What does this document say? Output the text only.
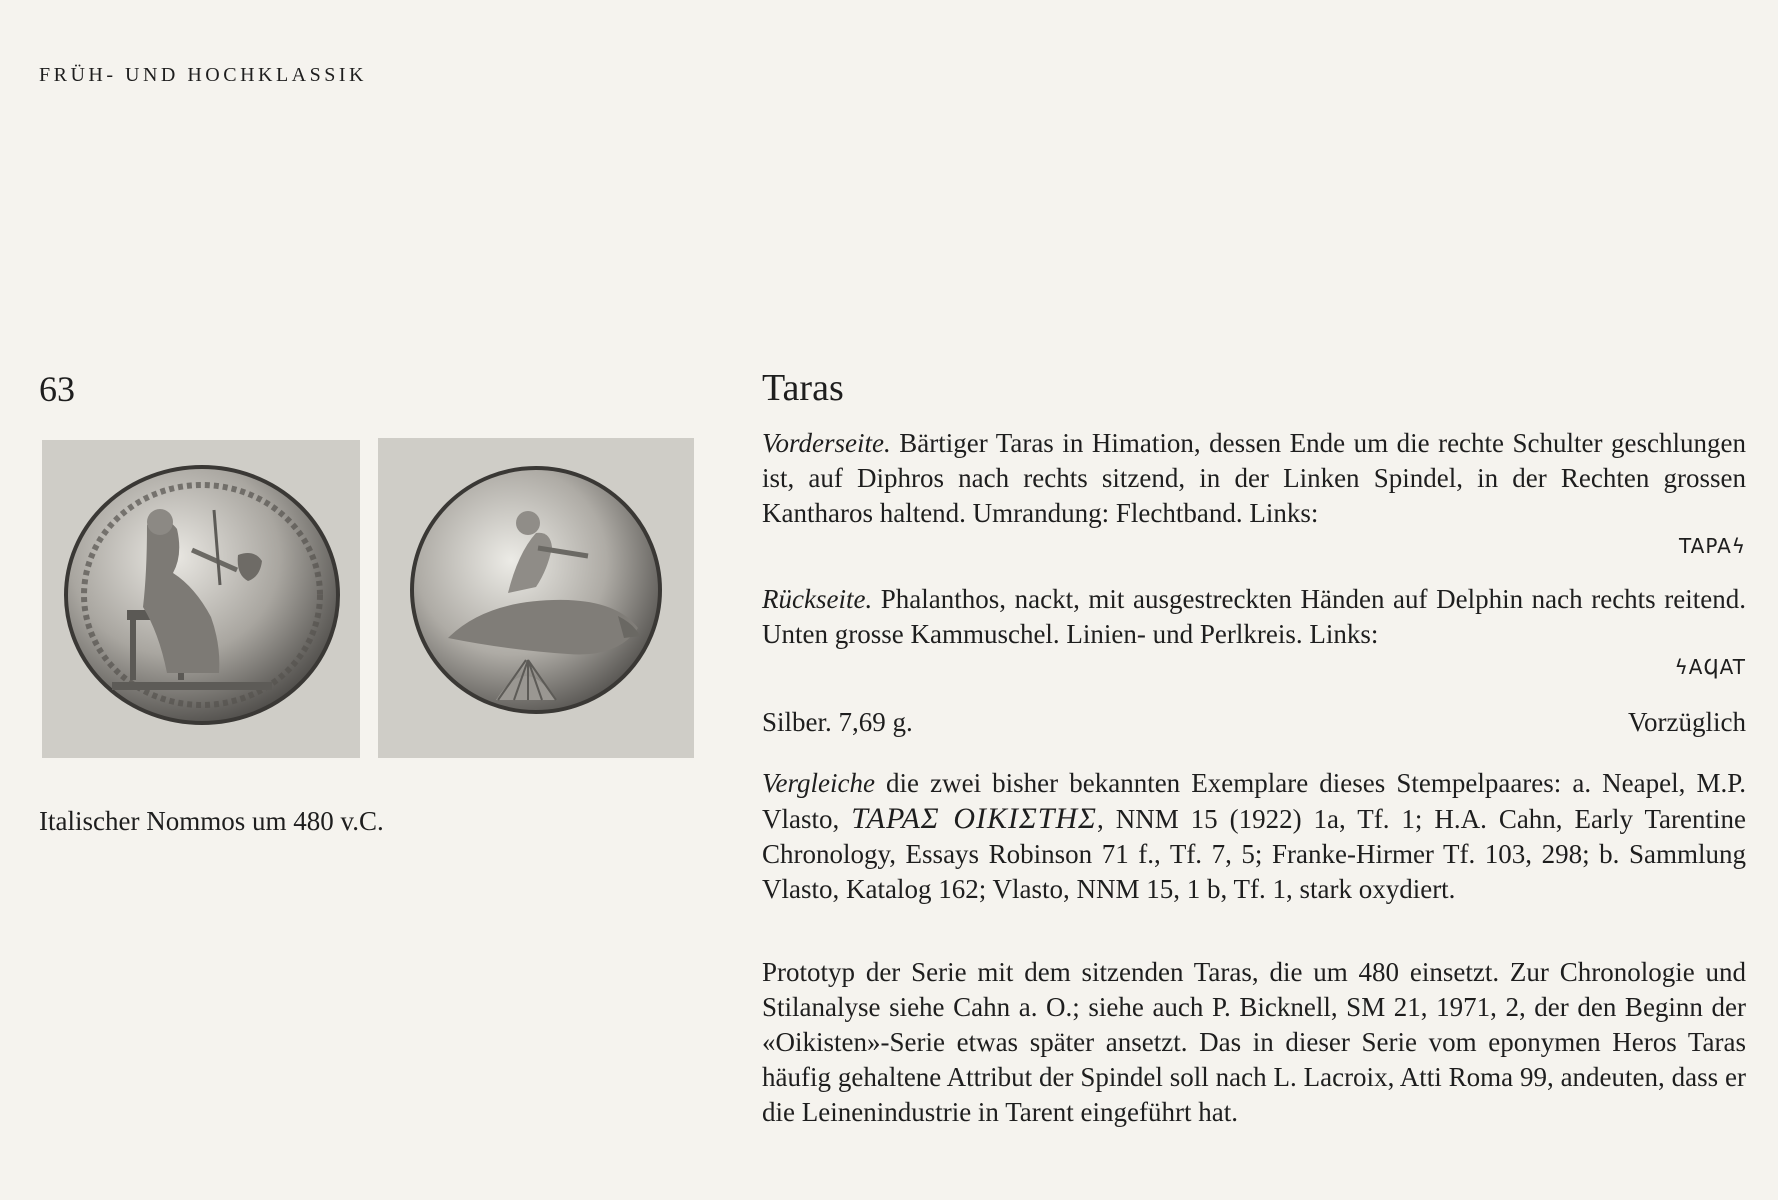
FRÜH- UND HOCHKLASSIK
63
Italischer Nommos um 480 v.C.
Taras
Vorderseite. Bärtiger Taras in Himation, dessen Ende um die rechte Schulter geschlungen ist, auf Diphros nach rechts sitzend, in der Linken Spindel, in der Rechten grossen Kantharos haltend. Umrandung: Flechtband. Links:
TAPAϟ
Rückseite. Phalanthos, nackt, mit ausgestreckten Händen auf Delphin nach rechts reitend. Unten grosse Kammuschel. Linien- und Perlkreis. Links:
ϟAϤAT
Silber. 7,69 g.	Vorzüglich
Vergleiche die zwei bisher bekannten Exemplare dieses Stempelpaares: a. Neapel, M.P. Vlasto, ΤΑΡΑΣ ΟΙΚΙΣΤΗΣ, NNM 15 (1922) 1a, Tf. 1; H.A. Cahn, Early Tarentine Chronology, Essays Robinson 71 f., Tf. 7, 5; Franke-Hirmer Tf. 103, 298; b. Sammlung Vlasto, Katalog 162; Vlasto, NNM 15, 1 b, Tf. 1, stark oxydiert.
Prototyp der Serie mit dem sitzenden Taras, die um 480 einsetzt. Zur Chronologie und Stilanalyse siehe Cahn a. O.; siehe auch P. Bicknell, SM 21, 1971, 2, der den Beginn der «Oikisten»-Serie etwas später ansetzt. Das in dieser Serie vom eponymen Heros Taras häufig gehaltene Attribut der Spindel soll nach L. Lacroix, Atti Roma 99, andeuten, dass er die Leinenindustrie in Tarent eingeführt hat.
